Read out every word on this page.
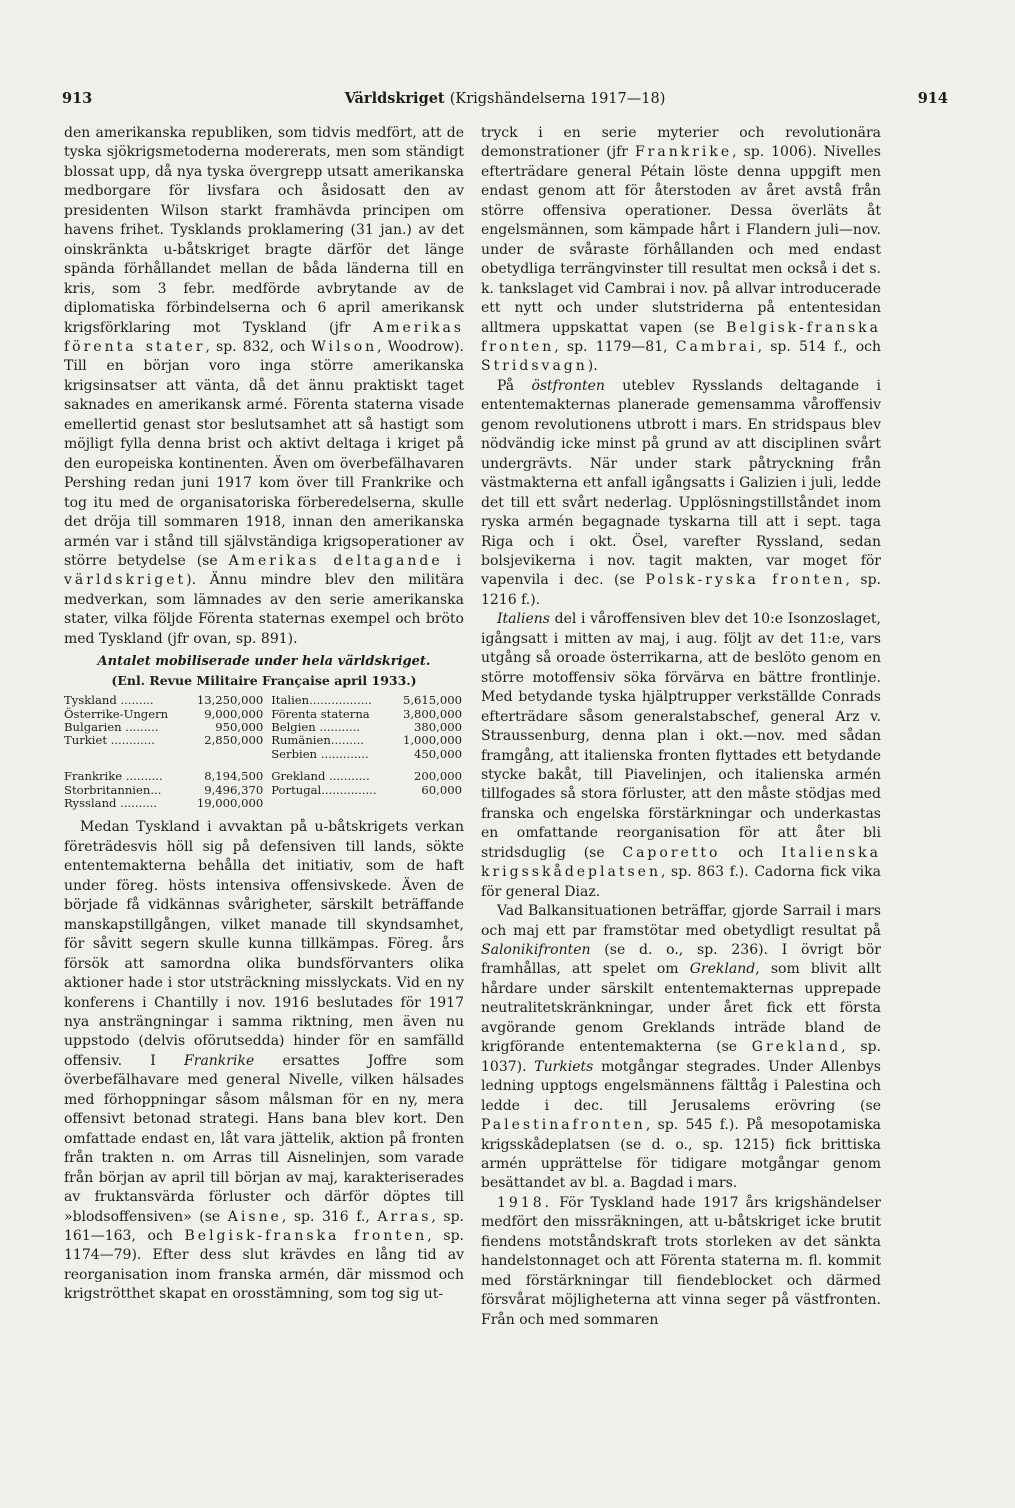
913	Världskriget (Krigshändelserna 1917—18)	914

den amerikanska republiken, som tidvis medfört, att de tyska sjökrigsmetoderna modererats, men som ständigt blossat upp, då nya tyska övergrepp utsatt amerikanska medborgare för livsfara och åsidosatt den av presidenten Wilson starkt framhävda principen om havens frihet. Tysklands proklamering (31 jan.) av det oinskränkta u-båtskriget bragte därför det länge spända förhållandet mellan de båda länderna till en kris, som 3 febr. medförde avbrytande av de diplomatiska förbindelserna och 6 april amerikansk krigsförklaring mot Tyskland (jfr Amerikas förenta stater, sp. 832, och Wilson, Woodrow). Till en början voro inga större amerikanska krigsinsatser att vänta, då det ännu praktiskt taget saknades en amerikansk armé. Förenta staterna visade emellertid genast stor beslutsamhet att så hastigt som möjligt fylla denna brist och aktivt deltaga i kriget på den europeiska kontinenten. Även om överbefälhavaren Pershing redan juni 1917 kom över till Frankrike och tog itu med de organisatoriska förberedelserna, skulle det dröja till sommaren 1918, innan den amerikanska armén var i stånd till självständiga krigsoperationer av större betydelse (se Amerikas deltagande i världskriget). Ännu mindre blev den militära medverkan, som lämnades av den serie amerikanska stater, vilka följde Förenta staternas exempel och bröto med Tyskland (jfr ovan, sp. 891).

Antalet mobiliserade under hela världskriget.
(Enl. Revue Militaire Française april 1933.)
Tyskland .........	13,250,000	Italien.................	5,615,000
Österrike-Ungern	9,000,000	Förenta staterna	3,800,000
Bulgarien .........	950,000	Belgien ...........	380,000
Turkiet ............	2,850,000	Rumänien.........	1,000,000
		Serbien .............	450,000
Frankrike ..........	8,194,500	Grekland ...........	200,000
Storbritannien...	9,496,370	Portugal...............	60,000
Ryssland ..........	19,000,000		

Medan Tyskland i avvaktan på u-båtskrigets verkan företrädesvis höll sig på defensiven till lands, sökte ententemakterna behålla det initiativ, som de haft under föreg. hösts intensiva offensivskede. Även de började få vidkännas svårigheter, särskilt beträffande manskapstillgången, vilket manade till skyndsamhet, för såvitt segern skulle kunna tillkämpas. Föreg. års försök att samordna olika bundsförvanters olika aktioner hade i stor utsträckning misslyckats. Vid en ny konferens i Chantilly i nov. 1916 beslutades för 1917 nya ansträngningar i samma riktning, men även nu uppstodo (delvis oförutsedda) hinder för en samfälld offensiv. I Frankrike ersattes Joffre som överbefälhavare med general Nivelle, vilken hälsades med förhoppningar såsom målsman för en ny, mera offensivt betonad strategi. Hans bana blev kort. Den omfattade endast en, låt vara jättelik, aktion på fronten från trakten n. om Arras till Aisnelinjen, som varade från början av april till början av maj, karakteriserades av fruktansvärda förluster och därför döptes till »blodsoffensiven» (se Aisne, sp. 316 f., Arras, sp. 161—163, och Belgisk-franska fronten, sp. 1174—79). Efter dess slut krävdes en lång tid av reorganisation inom franska armén, där missmod och krigströtthet skapat en orosstämning, som tog sig ut-

tryck i en serie myterier och revolutionära demonstrationer (jfr Frankrike, sp. 1006). Nivelles efterträdare general Pétain löste denna uppgift men endast genom att för återstoden av året avstå från större offensiva operationer. Dessa överläts åt engelsmännen, som kämpade hårt i Flandern juli—nov. under de svåraste förhållanden och med endast obetydliga terrängvinster till resultat men också i det s. k. tankslaget vid Cambrai i nov. på allvar introducerade ett nytt och under slutstriderna på ententesidan alltmera uppskattat vapen (se Belgisk-franska fronten, sp. 1179—81, Cambrai, sp. 514 f., och Stridsvagn).

På östfronten uteblev Rysslands deltagande i ententemakternas planerade gemensamma våroffensiv genom revolutionens utbrott i mars. En stridspaus blev nödvändig icke minst på grund av att disciplinen svårt undergrävts. När under stark påtryckning från västmakterna ett anfall igångsatts i Galizien i juli, ledde det till ett svårt nederlag. Upplösningstillståndet inom ryska armén begagnade tyskarna till att i sept. taga Riga och i okt. Ösel, varefter Ryssland, sedan bolsjevikerna i nov. tagit makten, var moget för vapenvila i dec. (se Polsk-ryska fronten, sp. 1216 f.).

Italiens del i våroffensiven blev det 10:e Isonzoslaget, igångsatt i mitten av maj, i aug. följt av det 11:e, vars utgång så oroade österrikarna, att de beslöto genom en större motoffensiv söka förvärva en bättre frontlinje. Med betydande tyska hjälptrupper verkställde Conrads efterträdare såsom generalstabschef, general Arz v. Straussenburg, denna plan i okt.—nov. med sådan framgång, att italienska fronten flyttades ett betydande stycke bakåt, till Piavelinjen, och italienska armén tillfogades så stora förluster, att den måste stödjas med franska och engelska förstärkningar och underkastas en omfattande reorganisation för att åter bli stridsduglig (se Caporetto och Italienska krigsskådeplatsen, sp. 863 f.). Cadorna fick vika för general Diaz.

Vad Balkansituationen beträffar, gjorde Sarrail i mars och maj ett par framstötar med obetydligt resultat på Salonikifronten (se d. o., sp. 236). I övrigt bör framhållas, att spelet om Grekland, som blivit allt hårdare under särskilt ententemakternas upprepade neutralitetskränkningar, under året fick ett första avgörande genom Greklands inträde bland de krigförande ententemakterna (se Grekland, sp. 1037). Turkiets motgångar stegrades. Under Allenbys ledning upptogs engelsmännens fälttåg i Palestina och ledde i dec. till Jerusalems erövring (se Palestinafronten, sp. 545 f.). På mesopotamiska krigsskådeplatsen (se d. o., sp. 1215) fick brittiska armén upprättelse för tidigare motgångar genom besättandet av bl. a. Bagdad i mars.

1918. För Tyskland hade 1917 års krigshändelser medfört den missräkningen, att u-båtskriget icke brutit fiendens motståndskraft trots storleken av det sänkta handelstonnaget och att Förenta staterna m. fl. kommit med förstärkningar till fiendeblocket och därmed försvårat möjligheterna att vinna seger på västfronten. Från och med sommaren
